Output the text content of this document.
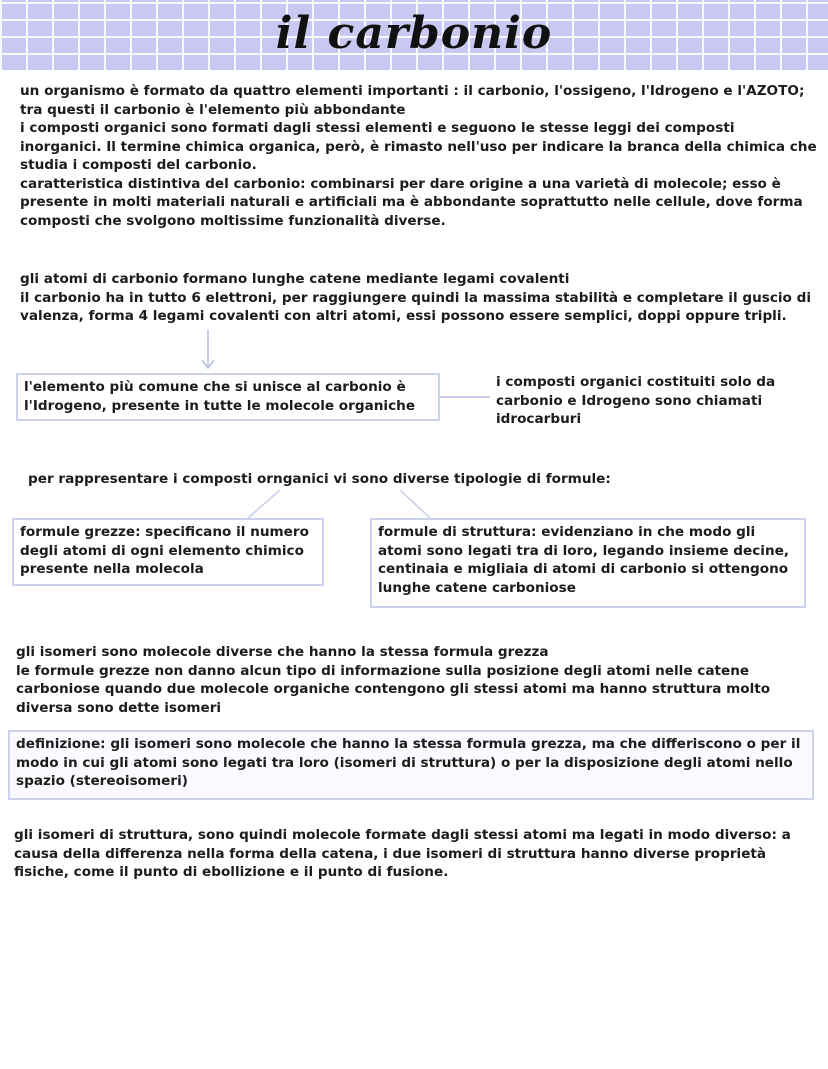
il carbonio

un organismo è formato da quattro elementi importanti : il carbonio, l'ossigeno, l'Idrogeno e l'AZOTO;

tra questi il carbonio è l'elemento più abbondante

i composti organici sono formati dagli stessi elementi e seguono le stesse leggi dei composti inorganici. Il termine chimica organica, però, è rimasto nell'uso per indicare la branca della chimica che studia i composti del carbonio.

caratteristica distintiva del carbonio: combinarsi per dare origine a una varietà di molecole; esso è presente in molti materiali naturali e artificiali ma è abbondante soprattutto nelle cellule, dove forma composti che svolgono moltissime funzionalità diverse.

gli atomi di carbonio formano lunghe catene mediante legami covalenti

il carbonio ha in tutto 6 elettroni, per raggiungere quindi la massima stabilità e completare il guscio di valenza, forma 4 legami covalenti con altri atomi, essi possono essere semplici, doppi oppure tripli.

l'elemento più comune che si unisce al carbonio è l'Idrogeno, presente in tutte le molecole organiche

i composti organici costituiti solo da carbonio e Idrogeno sono chiamati idrocarburi

per rappresentare i composti ornganici vi sono diverse tipologie di formule:

formule grezze: specificano il numero degli atomi di ogni elemento chimico presente nella molecola

formule di struttura: evidenziano in che modo gli atomi sono legati tra di loro, legando insieme decine, centinaia e migliaia di atomi di carbonio si ottengono lunghe catene carboniose

gli isomeri sono molecole diverse che hanno la stessa formula grezza

le formule grezze non danno alcun tipo di informazione sulla posizione degli atomi nelle catene carboniose quando due molecole organiche contengono gli stessi atomi ma hanno struttura molto diversa sono dette isomeri

definizione: gli isomeri sono molecole che hanno la stessa formula grezza, ma che differiscono o per il modo in cui gli atomi sono legati tra loro (isomeri di struttura) o per la disposizione degli atomi nello spazio (stereoisomeri)

gli isomeri di struttura, sono quindi molecole formate dagli stessi atomi ma legati in modo diverso: a causa della differenza nella forma della catena, i due isomeri di struttura hanno diverse proprietà fisiche, come il punto di ebollizione e il punto di fusione.
